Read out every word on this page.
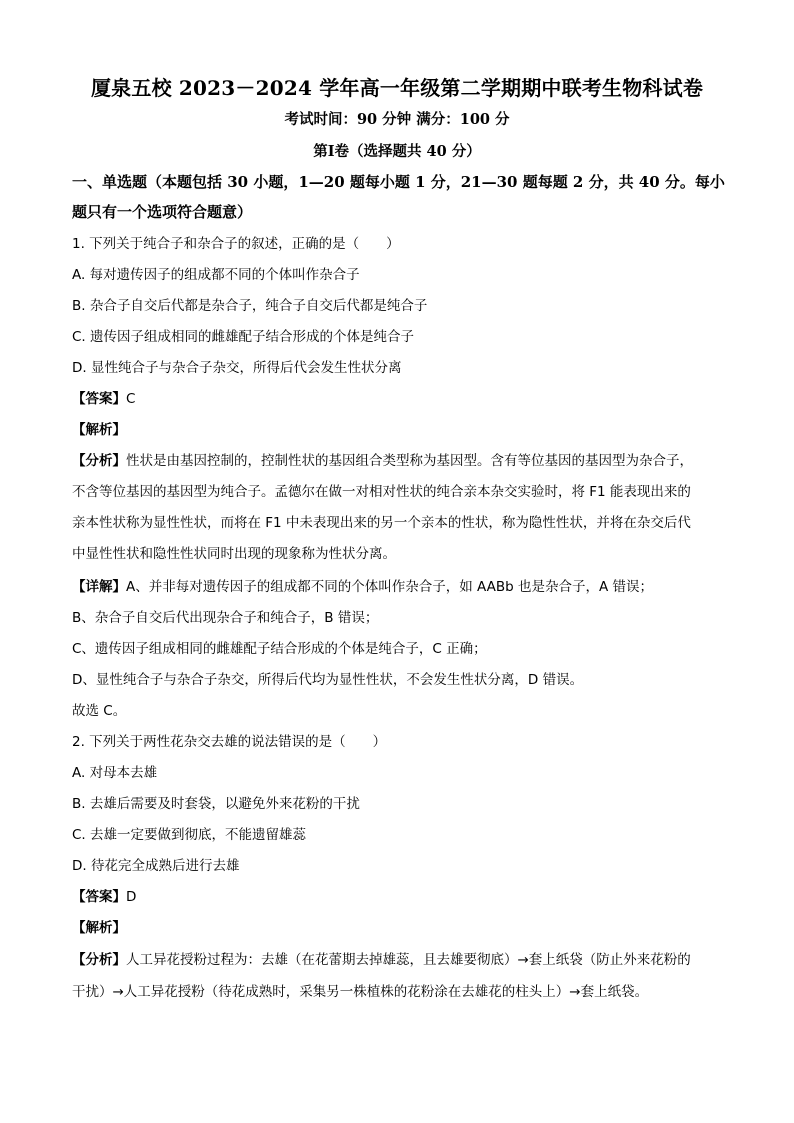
厦泉五校 2023－2024 学年高一年级第二学期期中联考生物科试卷
考试时间：90 分钟 满分：100 分
第Ⅰ卷（选择题共 40 分）
一、单选题（本题包括 30 小题，1—20 题每小题 1 分，21—30 题每题 2 分，共 40 分。每小
题只有一个选项符合题意）
1. 下列关于纯合子和杂合子的叙述，正确的是（　　）
A. 每对遗传因子的组成都不同的个体叫作杂合子
B. 杂合子自交后代都是杂合子，纯合子自交后代都是纯合子
C. 遗传因子组成相同的雌雄配子结合形成的个体是纯合子
D. 显性纯合子与杂合子杂交，所得后代会发生性状分离
【答案】C
【解析】
【分析】性状是由基因控制的，控制性状的基因组合类型称为基因型。含有等位基因的基因型为杂合子，
不含等位基因的基因型为纯合子。孟德尔在做一对相对性状的纯合亲本杂交实验时，将 F1 能表现出来的
亲本性状称为显性性状，而将在 F1 中未表现出来的另一个亲本的性状，称为隐性性状，并将在杂交后代
中显性性状和隐性性状同时出现的现象称为性状分离。
【详解】A、并非每对遗传因子的组成都不同的个体叫作杂合子，如 AABb 也是杂合子，A 错误；
B、杂合子自交后代出现杂合子和纯合子，B 错误；
C、遗传因子组成相同的雌雄配子结合形成的个体是纯合子，C 正确；
D、显性纯合子与杂合子杂交，所得后代均为显性性状，不会发生性状分离，D 错误。
故选 C。
2. 下列关于两性花杂交去雄的说法错误的是（　　）
A. 对母本去雄
B. 去雄后需要及时套袋，以避免外来花粉的干扰
C. 去雄一定要做到彻底，不能遗留雄蕊
D. 待花完全成熟后进行去雄
【答案】D
【解析】
【分析】人工异花授粉过程为：去雄（在花蕾期去掉雄蕊，且去雄要彻底）→套上纸袋（防止外来花粉的
干扰）→人工异花授粉（待花成熟时，采集另一株植株的花粉涂在去雄花的柱头上）→套上纸袋。
